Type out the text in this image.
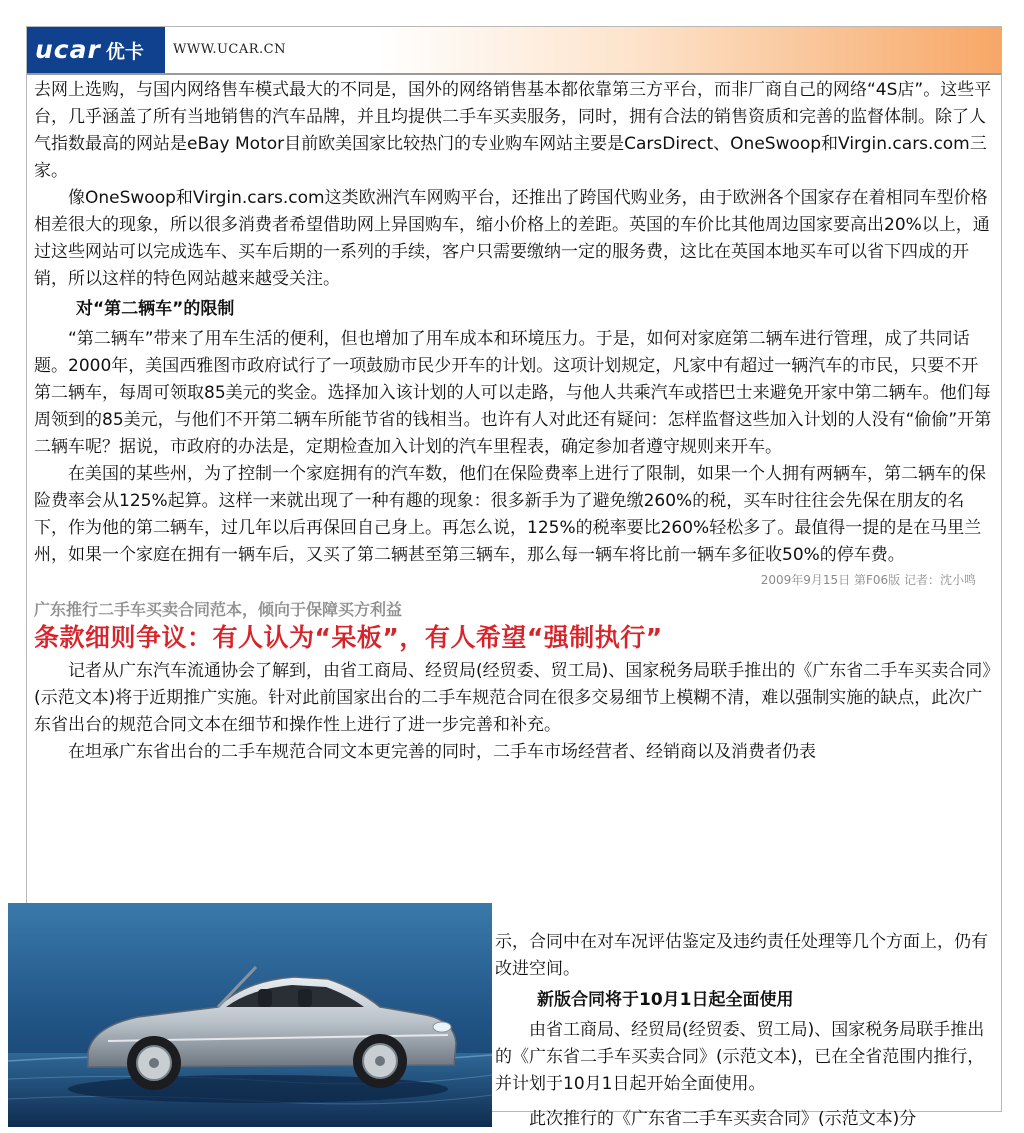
ucar 优卡	WWW.UCAR.CN

去网上选购，与国内网络售车模式最大的不同是，国外的网络销售基本都依靠第三方平台，而非厂商自己的网络“4S店”。这些平台，几乎涵盖了所有当地销售的汽车品牌，并且均提供二手车买卖服务，同时，拥有合法的销售资质和完善的监督体制。除了人气指数最高的网站是eBay Motor目前欧美国家比较热门的专业购车网站主要是CarsDirect、OneSwoop和Virgin.cars.com三家。

像OneSwoop和Virgin.cars.com这类欧洲汽车网购平台，还推出了跨国代购业务，由于欧洲各个国家存在着相同车型价格相差很大的现象，所以很多消费者希望借助网上异国购车，缩小价格上的差距。英国的车价比其他周边国家要高出20%以上，通过这些网站可以完成选车、买车后期的一系列的手续，客户只需要缴纳一定的服务费，这比在英国本地买车可以省下四成的开销，所以这样的特色网站越来越受关注。

对“第二辆车”的限制

“第二辆车”带来了用车生活的便利，但也增加了用车成本和环境压力。于是，如何对家庭第二辆车进行管理，成了共同话题。2000年，美国西雅图市政府试行了一项鼓励市民少开车的计划。这项计划规定，凡家中有超过一辆汽车的市民，只要不开第二辆车，每周可领取85美元的奖金。选择加入该计划的人可以走路，与他人共乘汽车或搭巴士来避免开家中第二辆车。他们每周领到的85美元，与他们不开第二辆车所能节省的钱相当。也许有人对此还有疑问：怎样监督这些加入计划的人没有“偷偷”开第二辆车呢？据说，市政府的办法是，定期检查加入计划的汽车里程表，确定参加者遵守规则来开车。

在美国的某些州，为了控制一个家庭拥有的汽车数，他们在保险费率上进行了限制，如果一个人拥有两辆车，第二辆车的保险费率会从125%起算。这样一来就出现了一种有趣的现象：很多新手为了避免缴260%的税，买车时往往会先保在朋友的名下，作为他的第二辆车，过几年以后再保回自己身上。再怎么说，125%的税率要比260%轻松多了。最值得一提的是在马里兰州，如果一个家庭在拥有一辆车后，又买了第二辆甚至第三辆车，那么每一辆车将比前一辆车多征收50%的停车费。

2009年9月15日 第F06版 记者：沈小鸣

广东推行二手车买卖合同范本，倾向于保障买方利益

条款细则争议：有人认为“呆板”，有人希望“强制执行”

记者从广东汽车流通协会了解到，由省工商局、经贸局(经贸委、贸工局)、国家税务局联手推出的《广东省二手车买卖合同》(示范文本)将于近期推广实施。针对此前国家出台的二手车规范合同在很多交易细节上模糊不清，难以强制实施的缺点，此次广东省出台的规范合同文本在细节和操作性上进行了进一步完善和补充。

在坦承广东省出台的二手车规范合同文本更完善的同时，二手车市场经营者、经销商以及消费者仍表

示，合同中在对车况评估鉴定及违约责任处理等几个方面上，仍有改进空间。

新版合同将于10月1日起全面使用

由省工商局、经贸局(经贸委、贸工局)、国家税务局联手推出的《广东省二手车买卖合同》(示范文本)，已在全省范围内推行，并计划于10月1日起开始全面使用。

此次推行的《广东省二手车买卖合同》(示范文本)分
